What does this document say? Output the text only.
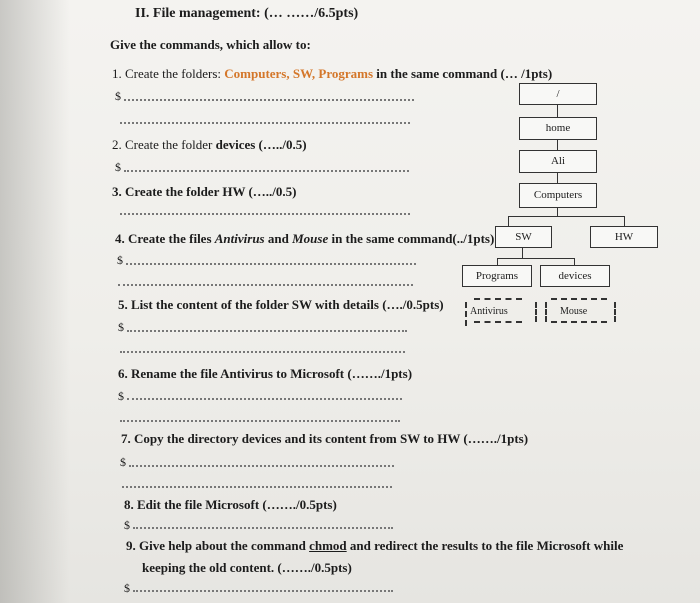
II. File management: (… ……/6.5pts)
Give the commands, which allow to:
1. Create the folders: Computers, SW, Programs in the same command (… /1pts)
$
2. Create the folder devices (…../0.5)
$
3. Create the folder HW (…../0.5)
4. Create the files Antivirus and Mouse in the same command(../1pts)
$
5. List the content of the folder SW with details (…./0.5pts)
$
6. Rename the file Antivirus to Microsoft (……./1pts)
$
7. Copy the directory devices and its content from SW to HW (……./1pts)
$
8. Edit the file Microsoft (……./0.5pts)
$
9. Give help about the command chmod and redirect the results to the file Microsoft while
keeping the old content. (……./0.5pts)
$
/
home
Ali
Computers
SW	HW
Programs	devices
Antivirus	Mouse
